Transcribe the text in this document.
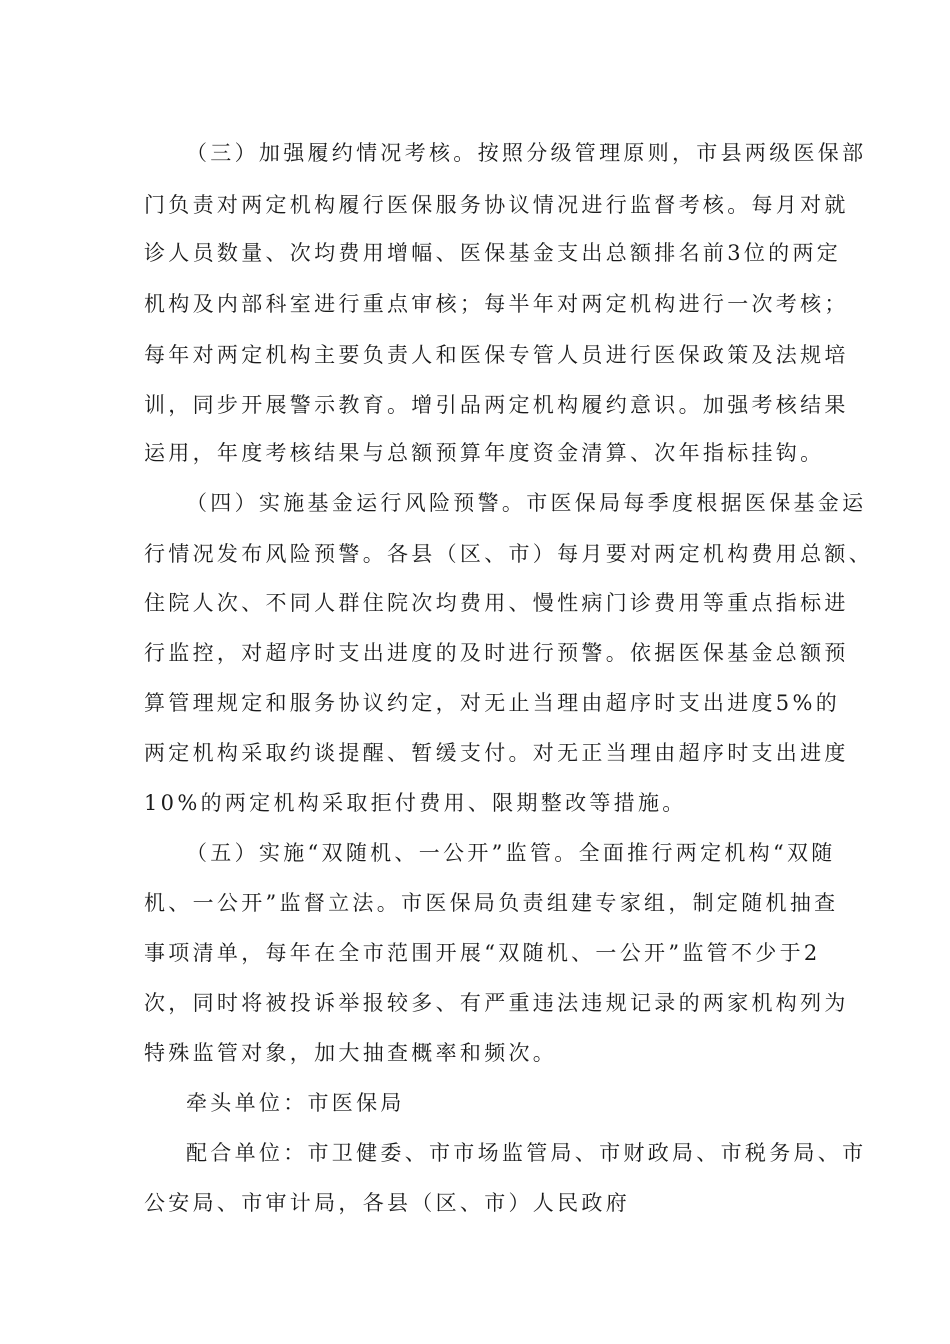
（三）加强履约情况考核。按照分级管理原则，市县两级医保部
门负责对两定机构履行医保服务协议情况进行监督考核。每月对就
诊人员数量、次均费用增幅、医保基金支出总额排名前3位的两定
机构及内部科室进行重点审核；每半年对两定机构进行一次考核；
每年对两定机构主要负责人和医保专管人员进行医保政策及法规培
训，同步开展警示教育。增引品两定机构履约意识。加强考核结果
运用，年度考核结果与总额预算年度资金清算、次年指标挂钩。
（四）实施基金运行风险预警。市医保局每季度根据医保基金运
行情况发布风险预警。各县（区、市）每月要对两定机构费用总额、
住院人次、不同人群住院次均费用、慢性病门诊费用等重点指标进
行监控，对超序时支出进度的及时进行预警。依据医保基金总额预
算管理规定和服务协议约定，对无止当理由超序时支出进度5%的
两定机构采取约谈提醒、暂缓支付。对无正当理由超序时支出进度
10%的两定机构采取拒付费用、限期整改等措施。
（五）实施“双随机、一公开”监管。全面推行两定机构“双随
机、一公开”监督立法。市医保局负责组建专家组，制定随机抽查
事项清单，每年在全市范围开展“双随机、一公开”监管不少于2
次，同时将被投诉举报较多、有严重违法违规记录的两家机构列为
特殊监管对象，加大抽查概率和频次。
牵头单位：市医保局
配合单位：市卫健委、市市场监管局、市财政局、市税务局、市
公安局、市审计局，各县（区、市）人民政府
